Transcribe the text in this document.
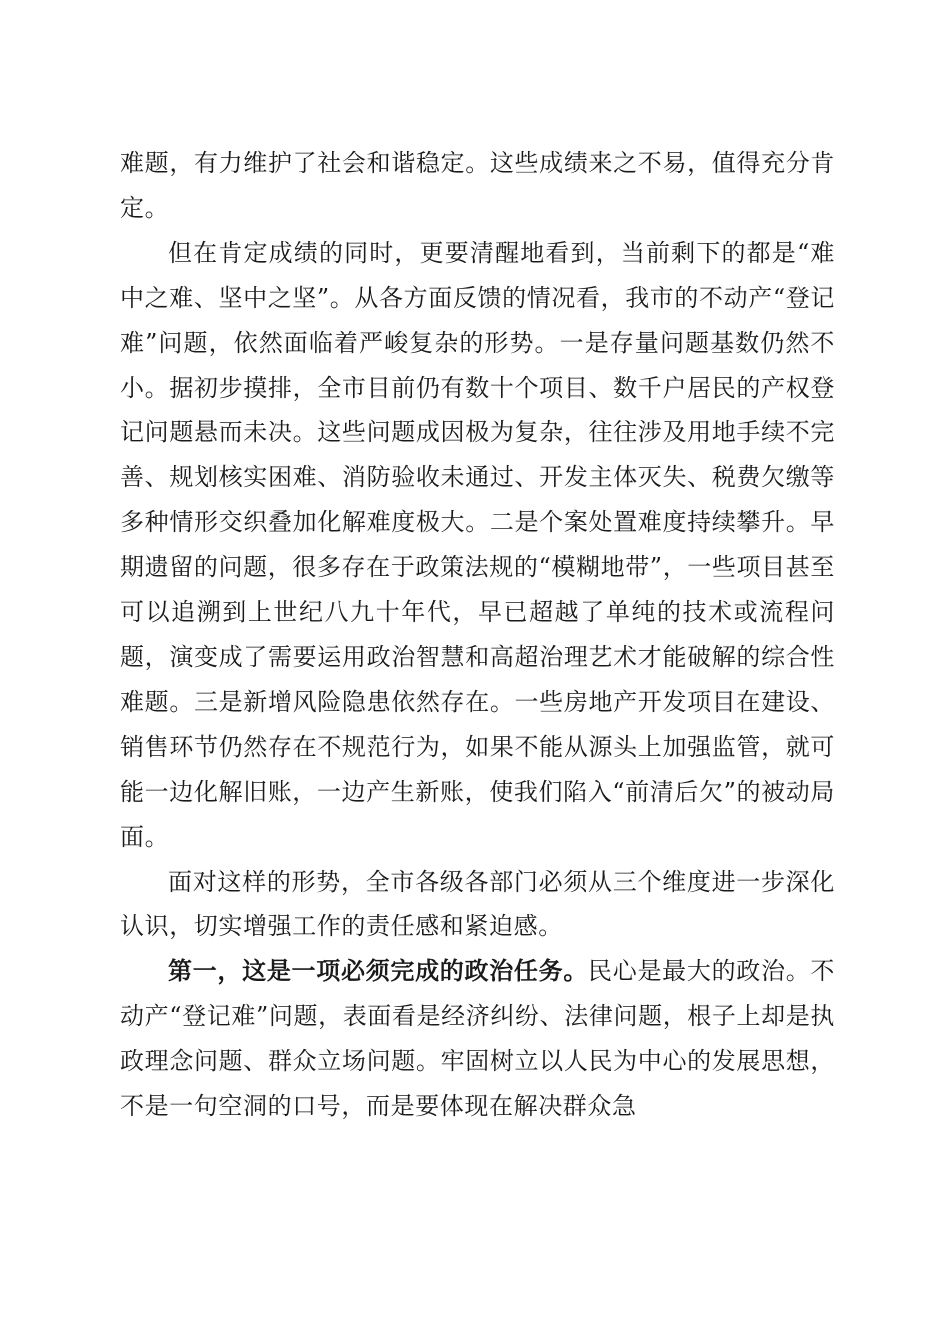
难题，有力维护了社会和谐稳定。这些成绩来之不易，值得充分肯定。

但在肯定成绩的同时，更要清醒地看到，当前剩下的都是“难中之难、坚中之坚”。从各方面反馈的情况看，我市的不动产“登记难”问题，依然面临着严峻复杂的形势。一是存量问题基数仍然不小。据初步摸排，全市目前仍有数十个项目、数千户居民的产权登记问题悬而未决。这些问题成因极为复杂，往往涉及用地手续不完善、规划核实困难、消防验收未通过、开发主体灭失、税费欠缴等多种情形交织叠加化解难度极大。二是个案处置难度持续攀升。早期遗留的问题，很多存在于政策法规的“模糊地带”，一些项目甚至可以追溯到上世纪八九十年代，早已超越了单纯的技术或流程问题，演变成了需要运用政治智慧和高超治理艺术才能破解的综合性难题。三是新增风险隐患依然存在。一些房地产开发项目在建设、销售环节仍然存在不规范行为，如果不能从源头上加强监管，就可能一边化解旧账，一边产生新账，使我们陷入“前清后欠”的被动局面。

面对这样的形势，全市各级各部门必须从三个维度进一步深化认识，切实增强工作的责任感和紧迫感。

第一，这是一项必须完成的政治任务。民心是最大的政治。不动产“登记难”问题，表面看是经济纠纷、法律问题，根子上却是执政理念问题、群众立场问题。牢固树立以人民为中心的发展思想，不是一句空洞的口号，而是要体现在解决群众急
